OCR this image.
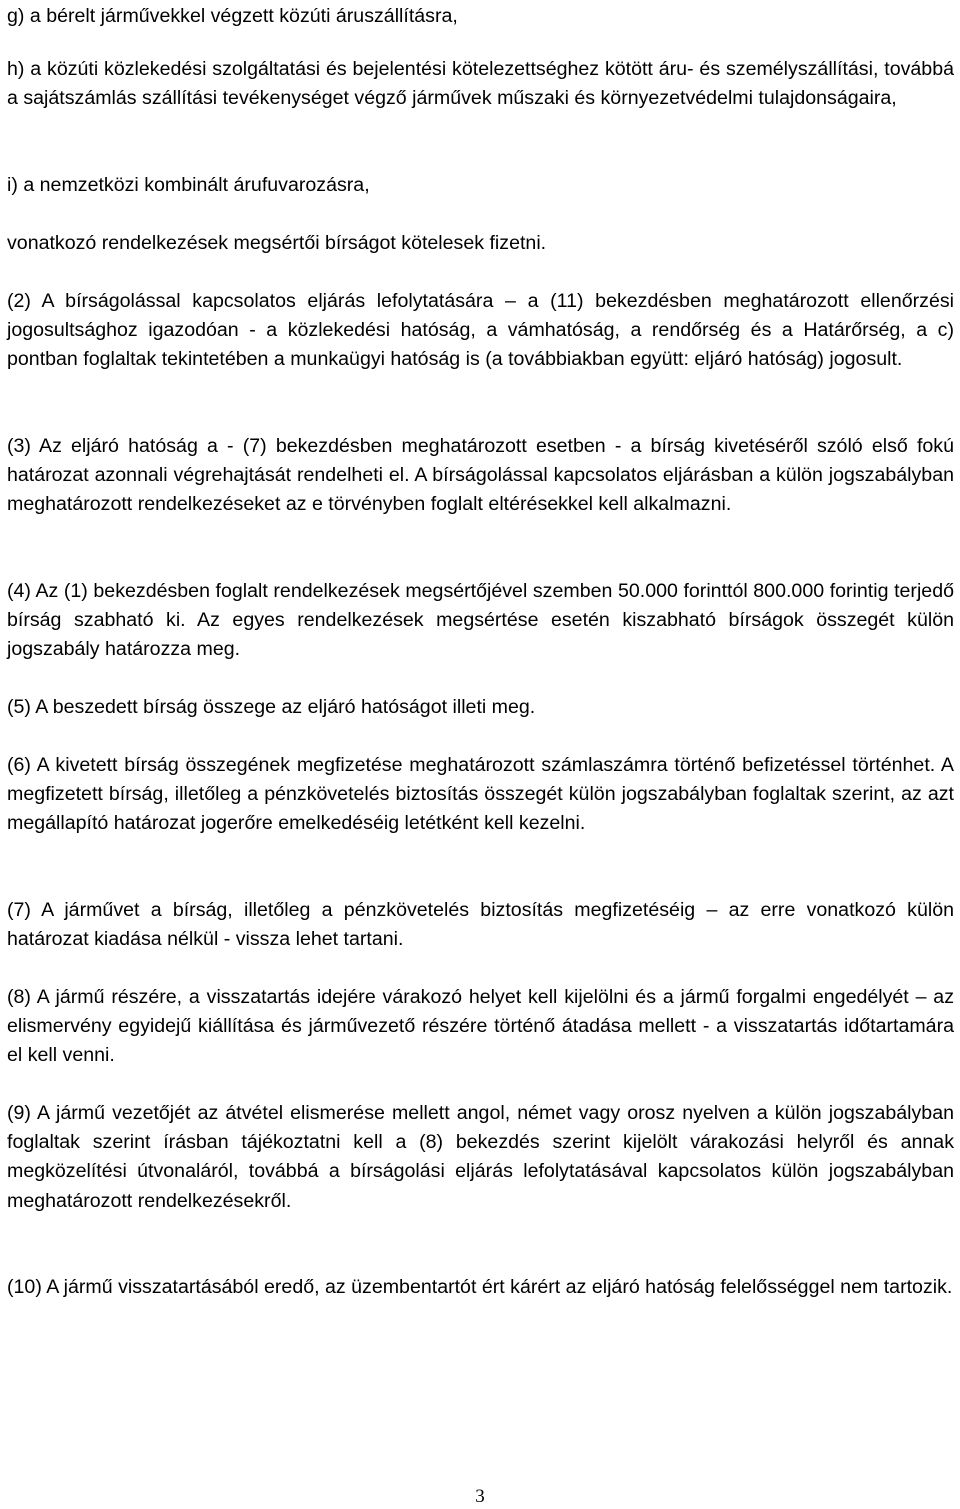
g) a bérelt járművekkel végzett közúti áruszállításra,

h) a közúti közlekedési szolgáltatási és bejelentési kötelezettséghez kötött áru- és személyszállítási, továbbá a sajátszámlás szállítási tevékenységet végző járművek műszaki és környezetvédelmi tulajdonságaira,

i) a nemzetközi kombinált árufuvarozásra,

vonatkozó rendelkezések megsértői bírságot kötelesek fizetni.

(2) A bírságolással kapcsolatos eljárás lefolytatására – a (11) bekezdésben meghatározott ellenőrzési jogosultsághoz igazodóan - a közlekedési hatóság, a vámhatóság, a rendőrség és a Határőrség, a c) pontban foglaltak tekintetében a munkaügyi hatóság is (a továbbiakban együtt: eljáró hatóság) jogosult.

(3) Az eljáró hatóság a - (7) bekezdésben meghatározott esetben - a bírság kivetéséről szóló első fokú határozat azonnali végrehajtását rendelheti el. A bírságolással kapcsolatos eljárásban a külön jogszabályban meghatározott rendelkezéseket az e törvényben foglalt eltérésekkel kell alkalmazni.

(4) Az (1) bekezdésben foglalt rendelkezések megsértőjével szemben 50.000 forinttól 800.000 forintig terjedő bírság szabható ki. Az egyes rendelkezések megsértése esetén kiszabható bírságok összegét külön jogszabály határozza meg.

(5) A beszedett bírság összege az eljáró hatóságot illeti meg.

(6) A kivetett bírság összegének megfizetése meghatározott számlaszámra történő befizetéssel történhet. A megfizetett bírság, illetőleg a pénzkövetelés biztosítás összegét külön jogszabályban foglaltak szerint, az azt megállapító határozat jogerőre emelkedéséig letétként kell kezelni.

(7) A járművet a bírság, illetőleg a pénzkövetelés biztosítás megfizetéséig – az erre vonatkozó külön határozat kiadása nélkül - vissza lehet tartani.

(8) A jármű részére, a visszatartás idejére várakozó helyet kell kijelölni és a jármű forgalmi engedélyét – az elismervény egyidejű kiállítása és járművezető részére történő átadása mellett - a visszatartás időtartamára el kell venni.

(9) A jármű vezetőjét az átvétel elismerése mellett angol, német vagy orosz nyelven a külön jogszabályban foglaltak szerint írásban tájékoztatni kell a (8) bekezdés szerint kijelölt várakozási helyről és annak megközelítési útvonaláról, továbbá a bírságolási eljárás lefolytatásával kapcsolatos külön jogszabályban meghatározott rendelkezésekről.

(10) A jármű visszatartásából eredő, az üzembentartót ért kárért az eljáró hatóság felelősséggel nem tartozik.

3
